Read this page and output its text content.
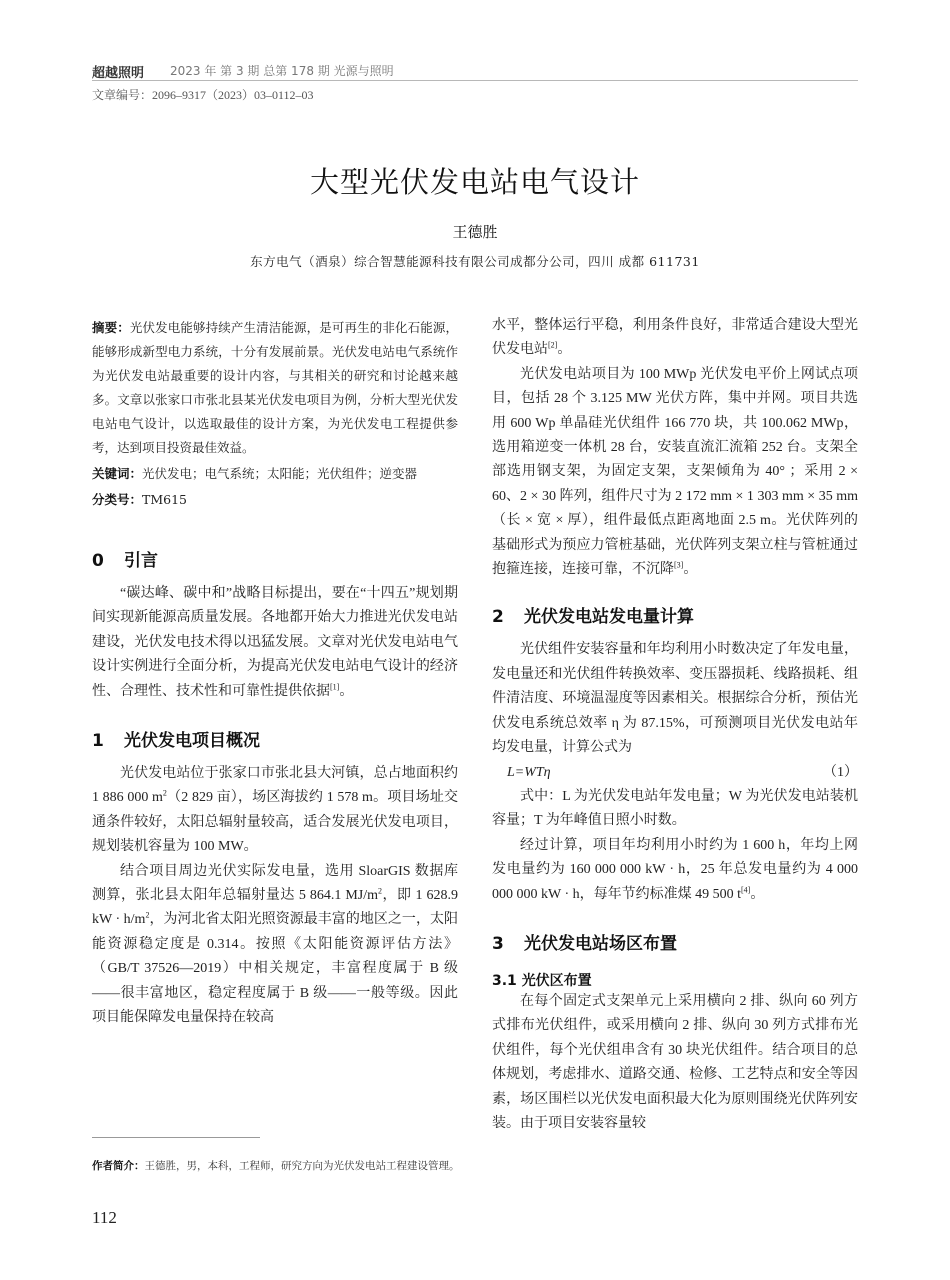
超越照明 2023 年 第 3 期 总第 178 期 光源与照明
文章编号：2096–9317（2023）03–0112–03
大型光伏发电站电气设计
王德胜
东方电气（酒泉）综合智慧能源科技有限公司成都分公司，四川 成都 611731

摘要：光伏发电能够持续产生清洁能源，是可再生的非化石能源，能够形成新型电力系统，十分有发展前景。光伏发电站电气系统作为光伏发电站最重要的设计内容，与其相关的研究和讨论越来越多。文章以张家口市张北县某光伏发电项目为例，分析大型光伏发电站电气设计，以选取最佳的设计方案，为光伏发电工程提供参考，达到项目投资最佳效益。

关键词：光伏发电；电气系统；太阳能；光伏组件；逆变器

分类号：TM615

0 引言

“碳达峰、碳中和”战略目标提出，要在“十四五”规划期间实现新能源高质量发展。各地都开始大力推进光伏发电站建设，光伏发电技术得以迅猛发展。文章对光伏发电站电气设计实例进行全面分析，为提高光伏发电站电气设计的经济性、合理性、技术性和可靠性提供依据[1]。

1 光伏发电项目概况

光伏发电站位于张家口市张北县大河镇，总占地面积约 1 886 000 $m^2(2$ 829 亩），场区海拔约 1 578 m。项目场址交通条件较好，太阳总辐射量较高，适合发展光伏发电项目，规划装机容量为 100 MW。

结合项目周边光伏实际发电量，选用 SloarGIS 数据库测算，张北县太阳年总辐射量达 5 864.1 $MJ/m^2$，即 1 628.9 kW · $h/m^2$，为河北省太阳光照资源最丰富的地区之一，太阳能资源稳定度是 0.314。按照《太阳能资源评估方法》（GB/T 37526—2019）中相关规定，丰富程度属于 B 级——很丰富地区，稳定程度属于 B 级——一般等级。因此项目能保障发电量保持在较高

水平，整体运行平稳，利用条件良好，非常适合建设大型光伏发电站[2]。

光伏发电站项目为 100 MWp 光伏发电平价上网试点项目，包括 28 个 3.125 MW 光伏方阵，集中并网。项目共选用 600 Wp 单晶硅光伏组件 166 770 块，共 100.062 MWp，选用箱逆变一体机 28 台，安装直流汇流箱 252 台。支架全部选用钢支架，为固定支架，支架倾角为 40° ；采用 2 × 60、2 × 30 阵列，组件尺寸为 2 172 mm × 1 303 mm × 35 mm（长 × 宽 × 厚），组件最低点距离地面 2.5 m。光伏阵列的基础形式为预应力管桩基础，光伏阵列支架立柱与管桩通过抱箍连接，连接可靠，不沉降[3]。

2 光伏发电站发电量计算

光伏组件安装容量和年均利用小时数决定了年发电量，发电量还和光伏组件转换效率、变压器损耗、线路损耗、组件清洁度、环境温湿度等因素相关。根据综合分析，预估光伏发电系统总效率 η 为 87.15%，可预测项目光伏发电站年均发电量，计算公式为

L=WTη	（1）

式中：L 为光伏发电站年发电量；W 为光伏发电站装机容量；T 为年峰值日照小时数。

经过计算，项目年均利用小时约为 1 600 h，年均上网发电量约为 160 000 000 kW · h，25 年总发电量约为 4 000 000 000 kW · h，每年节约标准煤 49 500 t[4]。

3 光伏发电站场区布置
3.1 光伏区布置

在每个固定式支架单元上采用横向 2 排、纵向 60 列方式排布光伏组件，或采用横向 2 排、纵向 30 列方式排布光伏组件，每个光伏组串含有 30 块光伏组件。结合项目的总体规划，考虑排水、道路交通、检修、工艺特点和安全等因素，场区围栏以光伏发电面积最大化为原则围绕光伏阵列安装。由于项目安装容量较

作者简介：王德胜，男，本科，工程师，研究方向为光伏发电站工程建设管理。
112
